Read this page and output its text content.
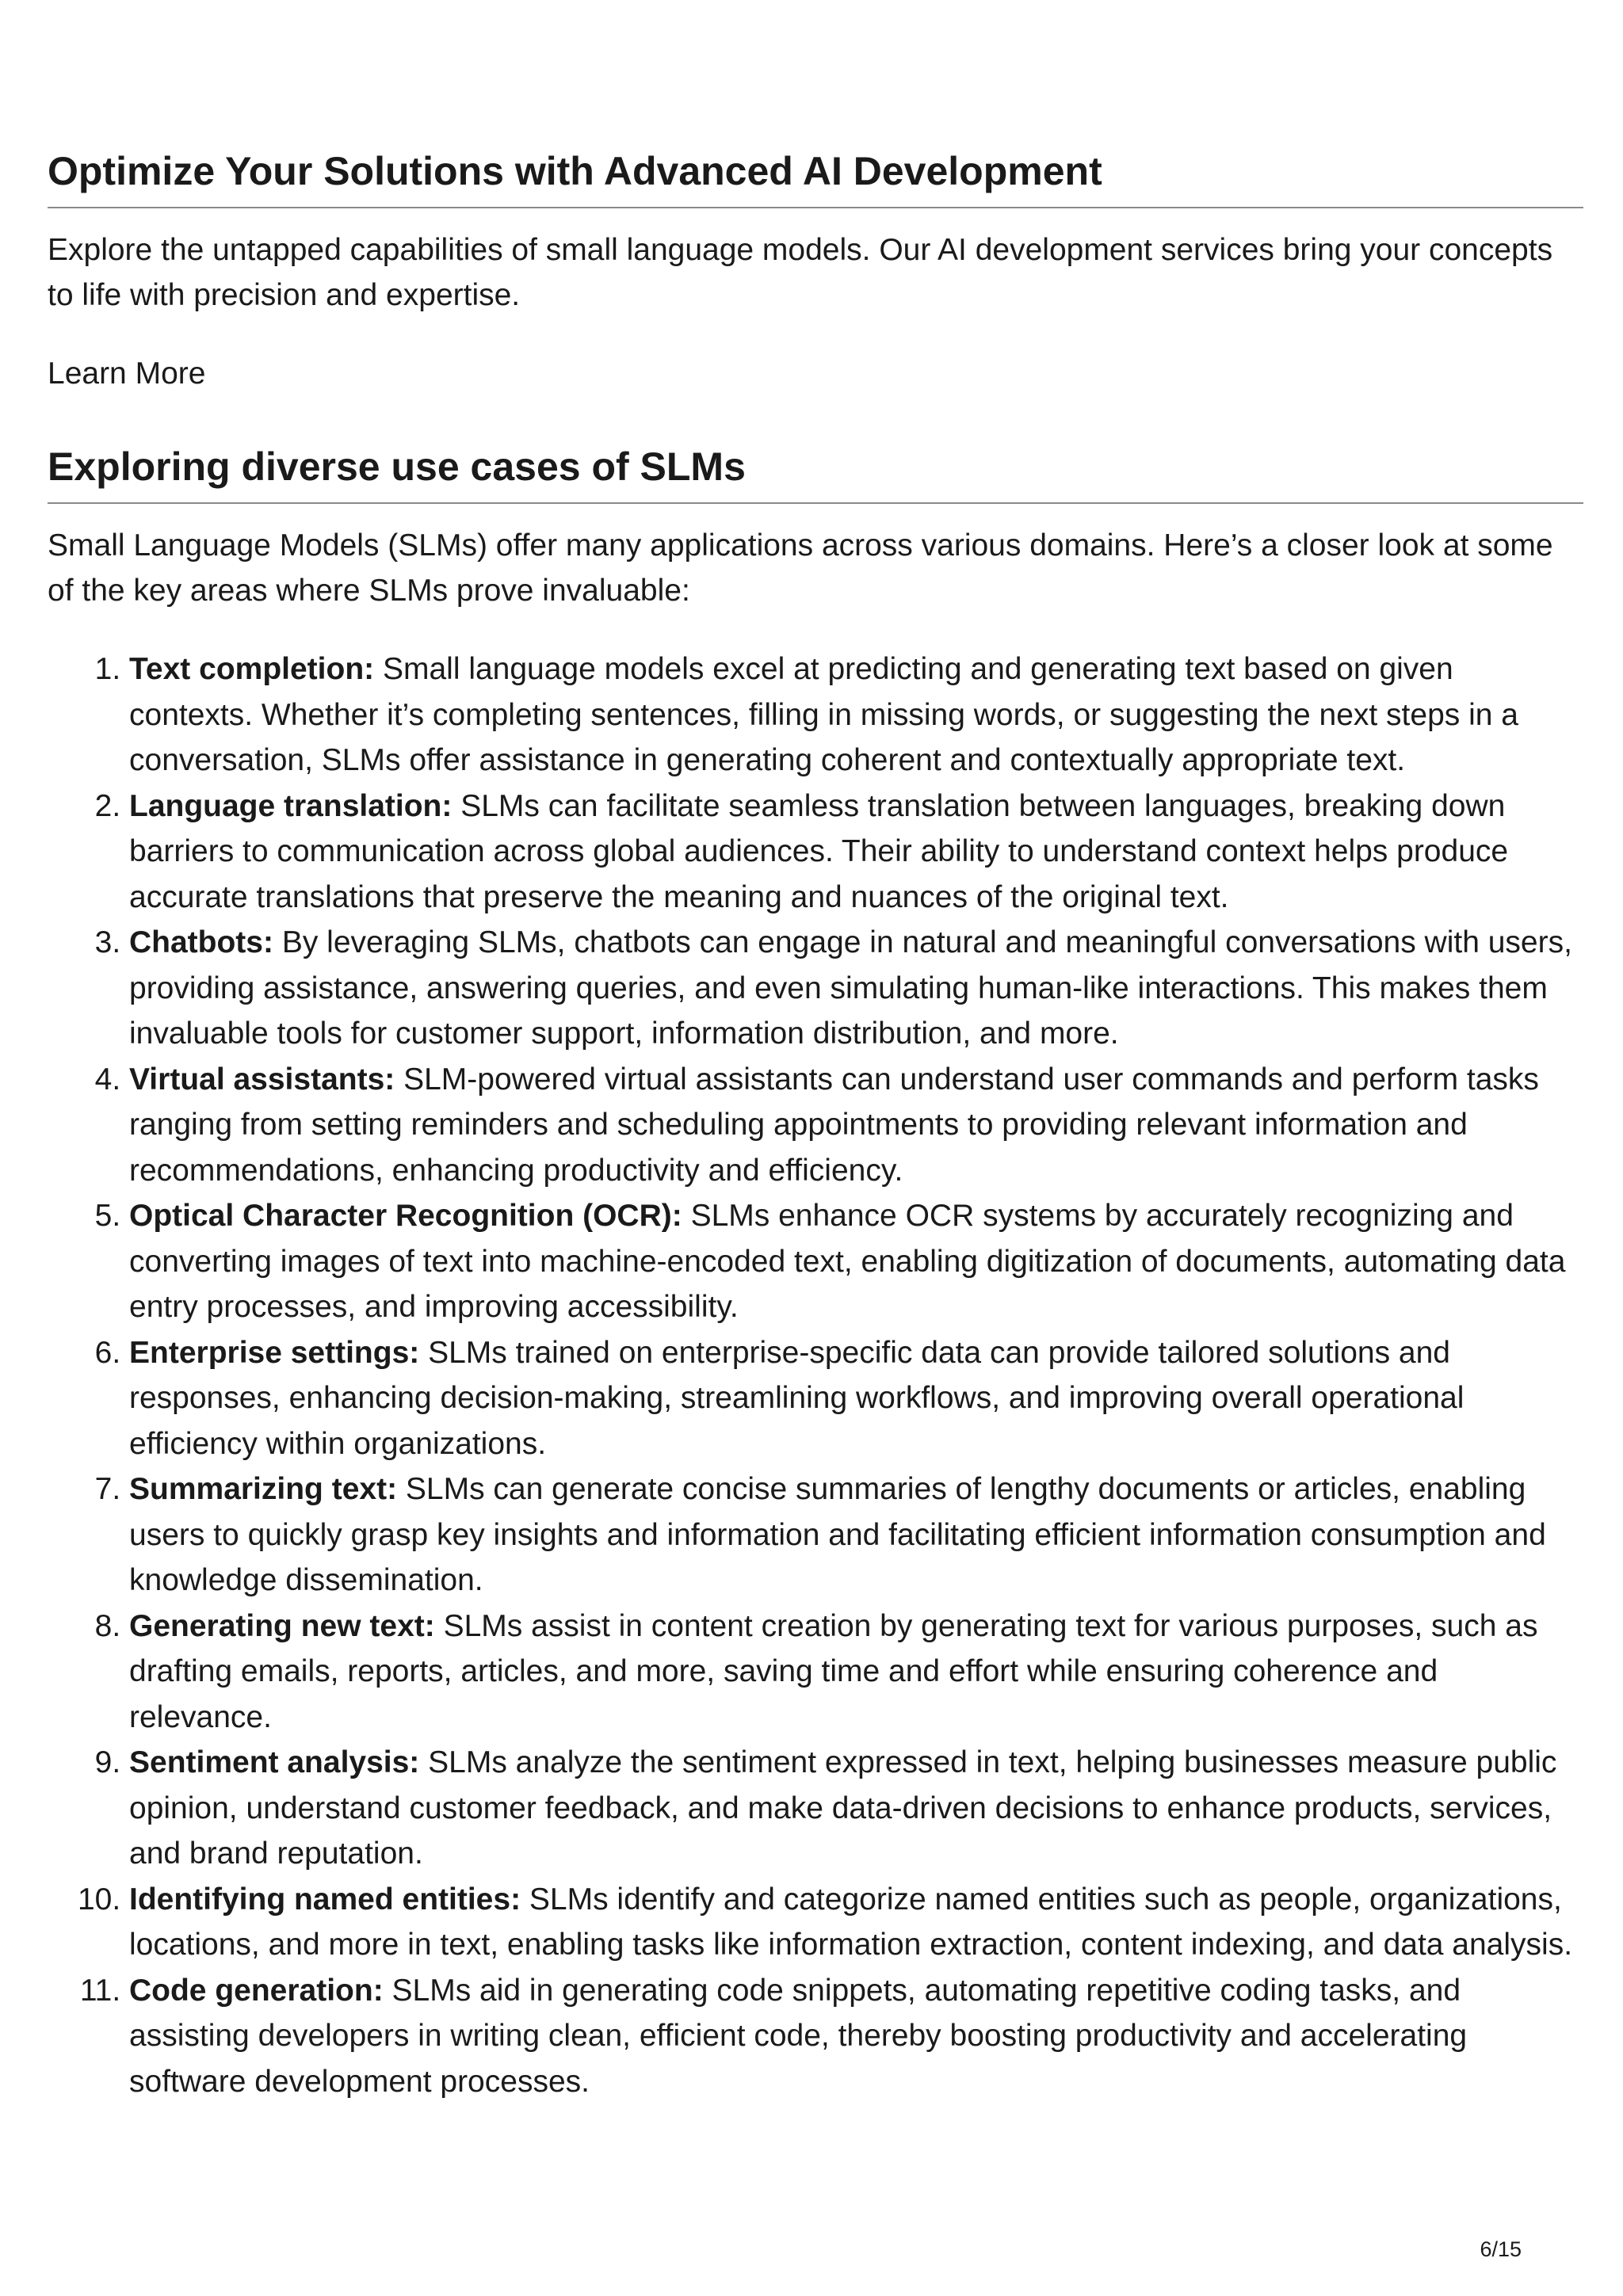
Optimize Your Solutions with Advanced AI Development

Explore the untapped capabilities of small language models. Our AI development services bring your concepts to life with precision and expertise.

Learn More

Exploring diverse use cases of SLMs

Small Language Models (SLMs) offer many applications across various domains. Here’s a closer look at some of the key areas where SLMs prove invaluable:

1. Text completion: Small language models excel at predicting and generating text based on given contexts. Whether it’s completing sentences, filling in missing words, or suggesting the next steps in a conversation, SLMs offer assistance in generating coherent and contextually appropriate text.
2. Language translation: SLMs can facilitate seamless translation between languages, breaking down barriers to communication across global audiences. Their ability to understand context helps produce accurate translations that preserve the meaning and nuances of the original text.
3. Chatbots: By leveraging SLMs, chatbots can engage in natural and meaningful conversations with users, providing assistance, answering queries, and even simulating human-like interactions. This makes them invaluable tools for customer support, information distribution, and more.
4. Virtual assistants: SLM-powered virtual assistants can understand user commands and perform tasks ranging from setting reminders and scheduling appointments to providing relevant information and recommendations, enhancing productivity and efficiency.
5. Optical Character Recognition (OCR): SLMs enhance OCR systems by accurately recognizing and converting images of text into machine-encoded text, enabling digitization of documents, automating data entry processes, and improving accessibility.
6. Enterprise settings: SLMs trained on enterprise-specific data can provide tailored solutions and responses, enhancing decision-making, streamlining workflows, and improving overall operational efficiency within organizations.
7. Summarizing text: SLMs can generate concise summaries of lengthy documents or articles, enabling users to quickly grasp key insights and information and facilitating efficient information consumption and knowledge dissemination.
8. Generating new text: SLMs assist in content creation by generating text for various purposes, such as drafting emails, reports, articles, and more, saving time and effort while ensuring coherence and relevance.
9. Sentiment analysis: SLMs analyze the sentiment expressed in text, helping businesses measure public opinion, understand customer feedback, and make data-driven decisions to enhance products, services, and brand reputation.
10. Identifying named entities: SLMs identify and categorize named entities such as people, organizations, locations, and more in text, enabling tasks like information extraction, content indexing, and data analysis.
11. Code generation: SLMs aid in generating code snippets, automating repetitive coding tasks, and assisting developers in writing clean, efficient code, thereby boosting productivity and accelerating software development processes.
6/15
